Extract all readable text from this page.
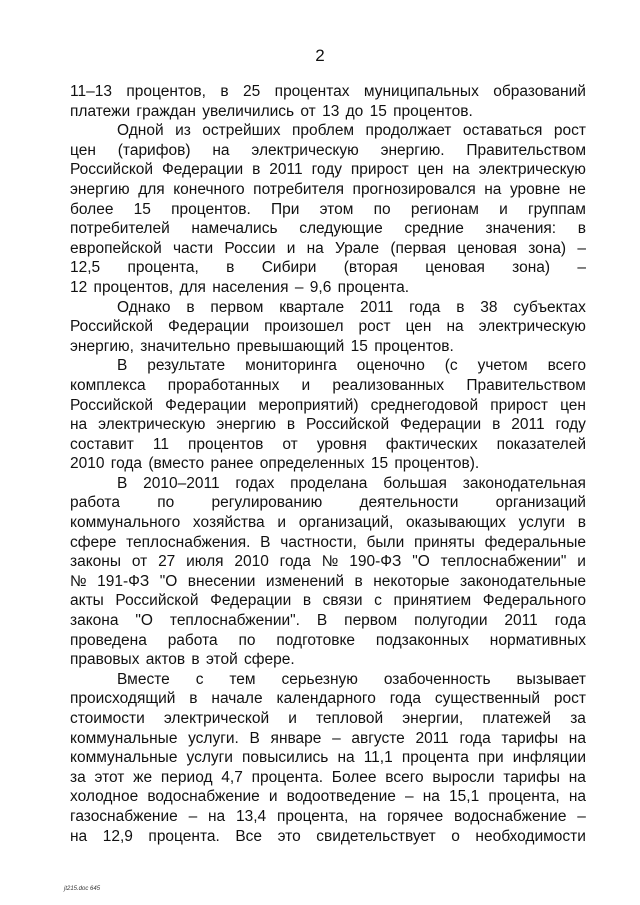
2
11–13 процентов, в 25 процентах муниципальных образований
платежи граждан увеличились от 13 до 15 процентов.
Одной из острейших проблем продолжает оставаться рост
цен (тарифов) на электрическую энергию. Правительством
Российской Федерации в 2011 году прирост цен на электрическую
энергию для конечного потребителя прогнозировался на уровне не
более 15 процентов. При этом по регионам и группам
потребителей намечались следующие средние значения: в
европейской части России и на Урале (первая ценовая зона) –
12,5 процента, в Сибири (вторая ценовая зона) –
12 процентов, для населения – 9,6 процента.
Однако в первом квартале 2011 года в 38 субъектах
Российской Федерации произошел рост цен на электрическую
энергию, значительно превышающий 15 процентов.
В результате мониторинга оценочно (с учетом всего
комплекса проработанных и реализованных Правительством
Российской Федерации мероприятий) среднегодовой прирост цен
на электрическую энергию в Российской Федерации в 2011 году
составит 11 процентов от уровня фактических показателей
2010 года (вместо ранее определенных 15 процентов).
В 2010–2011 годах проделана большая законодательная
работа по регулированию деятельности организаций
коммунального хозяйства и организаций, оказывающих услуги в
сфере теплоснабжения. В частности, были приняты федеральные
законы от 27 июля 2010 года № 190-ФЗ "О теплоснабжении" и
№ 191-ФЗ "О внесении изменений в некоторые законодательные
акты Российской Федерации в связи с принятием Федерального
закона "О теплоснабжении". В первом полугодии 2011 года
проведена работа по подготовке подзаконных нормативных
правовых актов в этой сфере.
Вместе с тем серьезную озабоченность вызывает
происходящий в начале календарного года существенный рост
стоимости электрической и тепловой энергии, платежей за
коммунальные услуги. В январе – августе 2011 года тарифы на
коммунальные услуги повысились на 11,1 процента при инфляции
за этот же период 4,7 процента. Более всего выросли тарифы на
холодное водоснабжение и водоотведение – на 15,1 процента, на
газоснабжение – на 13,4 процента, на горячее водоснабжение –
на 12,9 процента. Все это свидетельствует о необходимости
jt215.doc 645
